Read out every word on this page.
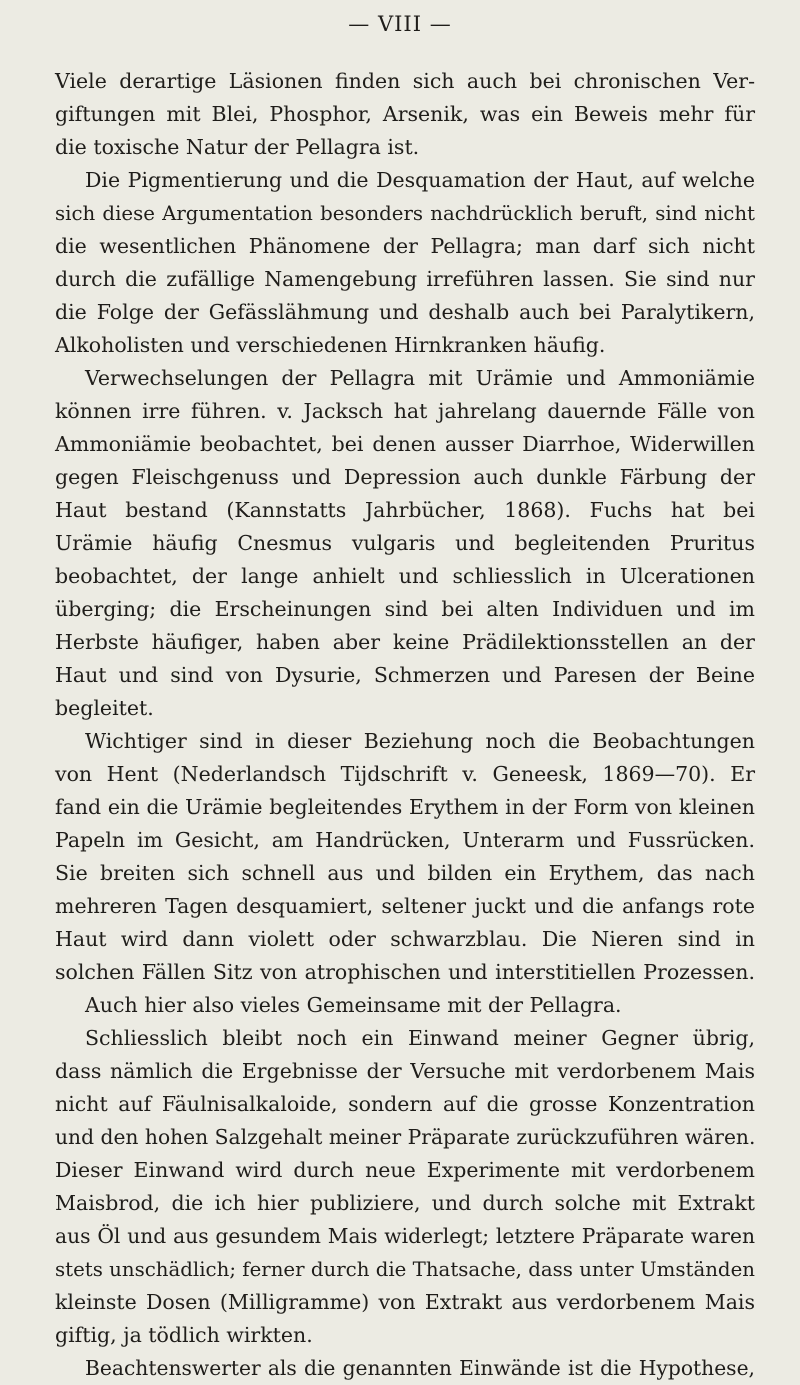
— VIII —
Viele derartige Läsionen finden sich auch bei chronischen Ver-
giftungen mit Blei, Phosphor, Arsenik, was ein Beweis mehr für
die toxische Natur der Pellagra ist.
Die Pigmentierung und die Desquamation der Haut, auf welche
sich diese Argumentation besonders nachdrücklich beruft, sind nicht
die wesentlichen Phänomene der Pellagra; man darf sich nicht
durch die zufällige Namengebung irreführen lassen. Sie sind nur
die Folge der Gefässlähmung und deshalb auch bei Paralytikern,
Alkoholisten und verschiedenen Hirnkranken häufig.
Verwechselungen der Pellagra mit Urämie und Ammoniämie
können irre führen. v. Jacksch hat jahrelang dauernde Fälle von
Ammoniämie beobachtet, bei denen ausser Diarrhoe, Widerwillen
gegen Fleischgenuss und Depression auch dunkle Färbung der
Haut bestand (Kannstatts Jahrbücher, 1868). Fuchs hat bei
Urämie häufig Cnesmus vulgaris und begleitenden Pruritus
beobachtet, der lange anhielt und schliesslich in Ulcerationen
überging; die Erscheinungen sind bei alten Individuen und im
Herbste häufiger, haben aber keine Prädilektionsstellen an der
Haut und sind von Dysurie, Schmerzen und Paresen der Beine
begleitet.
Wichtiger sind in dieser Beziehung noch die Beobachtungen
von Hent (Nederlandsch Tijdschrift v. Geneesk, 1869—70). Er
fand ein die Urämie begleitendes Erythem in der Form von kleinen
Papeln im Gesicht, am Handrücken, Unterarm und Fussrücken.
Sie breiten sich schnell aus und bilden ein Erythem, das nach
mehreren Tagen desquamiert, seltener juckt und die anfangs rote
Haut wird dann violett oder schwarzblau. Die Nieren sind in
solchen Fällen Sitz von atrophischen und interstitiellen Prozessen.
Auch hier also vieles Gemeinsame mit der Pellagra.
Schliesslich bleibt noch ein Einwand meiner Gegner übrig,
dass nämlich die Ergebnisse der Versuche mit verdorbenem Mais
nicht auf Fäulnisalkaloide, sondern auf die grosse Konzentration
und den hohen Salzgehalt meiner Präparate zurückzuführen wären.
Dieser Einwand wird durch neue Experimente mit verdorbenem
Maisbrod, die ich hier publiziere, und durch solche mit Extrakt
aus Öl und aus gesundem Mais widerlegt; letztere Präparate waren
stets unschädlich; ferner durch die Thatsache, dass unter Umständen
kleinste Dosen (Milligramme) von Extrakt aus verdorbenem Mais
giftig, ja tödlich wirkten.
Beachtenswerter als die genannten Einwände ist die Hypothese,
